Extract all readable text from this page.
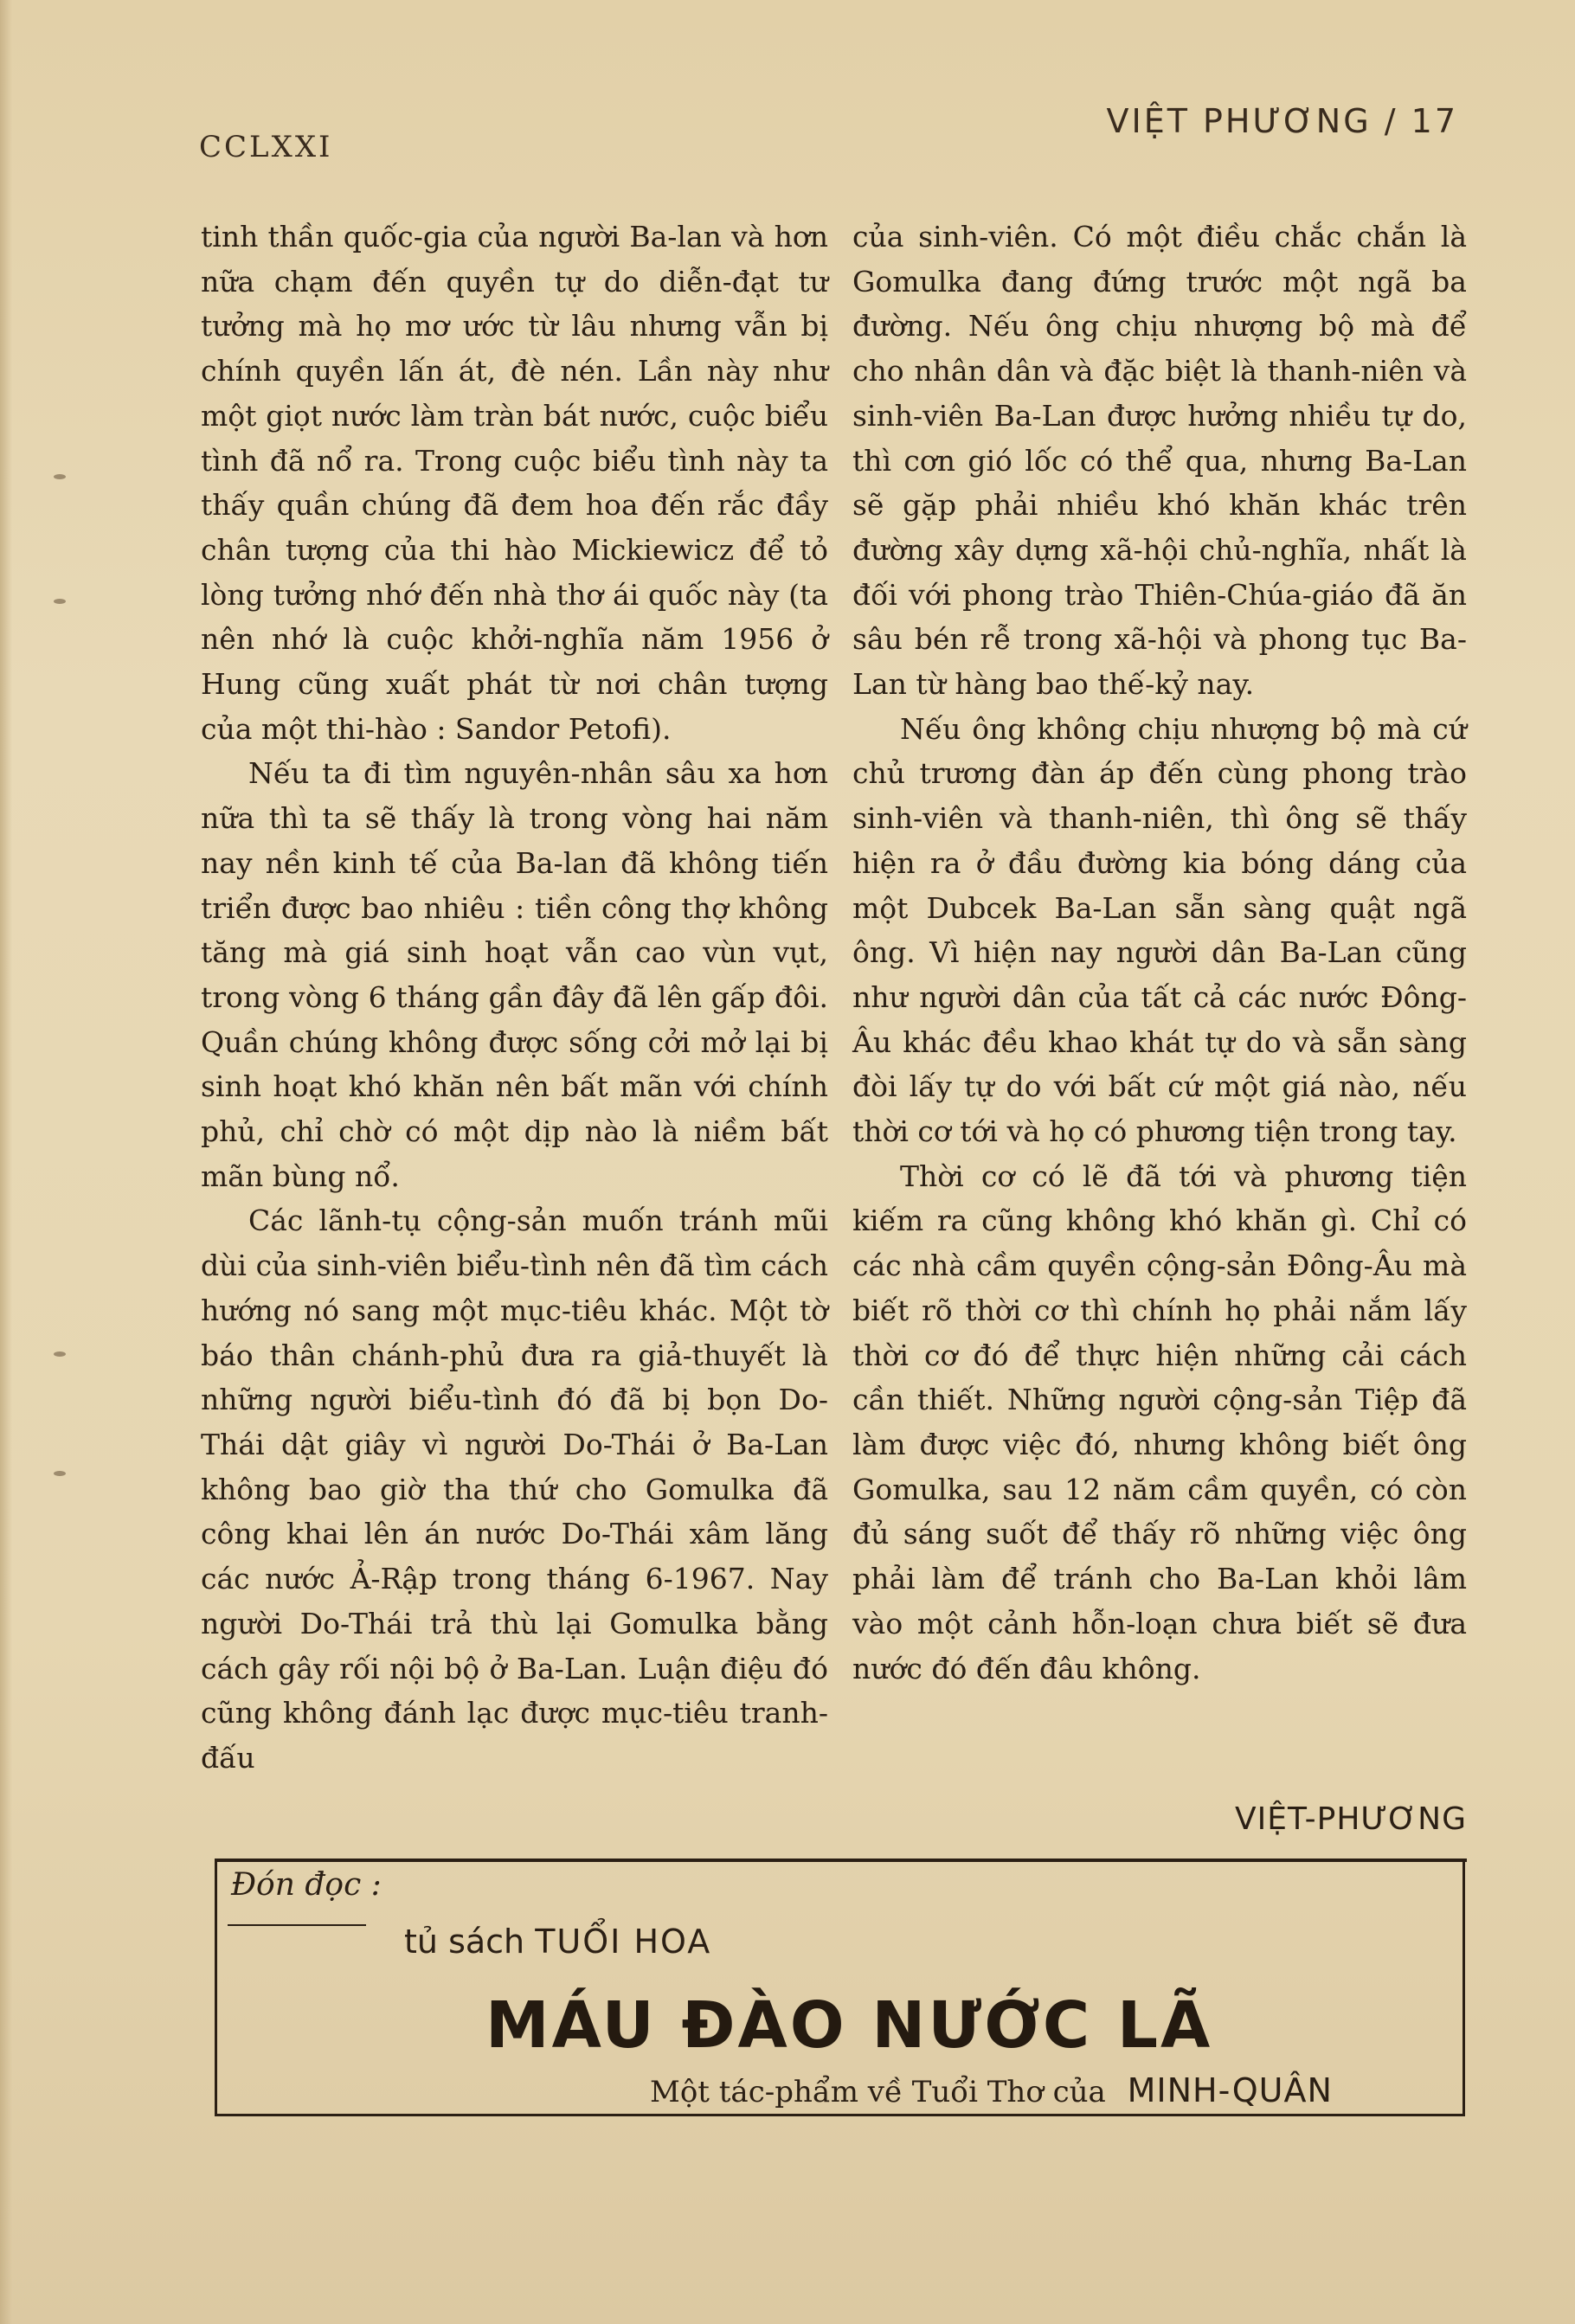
CCLXXI
VIỆT PHƯƠNG / 17

tinh thần quốc-gia của người Ba-lan và hơn nữa chạm đến quyền tự do diễn-đạt tư tưởng mà họ mơ ước từ lâu nhưng vẫn bị chính quyền lấn át, đè nén. Lần này như một giọt nước làm tràn bát nước, cuộc biểu tình đã nổ ra. Trong cuộc biểu tình này ta thấy quần chúng đã đem hoa đến rắc đầy chân tượng của thi hào Mickiewicz để tỏ lòng tưởng nhớ đến nhà thơ ái quốc này (ta nên nhớ là cuộc khởi-nghĩa năm 1956 ở Hung cũng xuất phát từ nơi chân tượng của một thi-hào : Sandor Petofi).

Nếu ta đi tìm nguyên-nhân sâu xa hơn nữa thì ta sẽ thấy là trong vòng hai năm nay nền kinh tế của Ba-lan đã không tiến triển được bao nhiêu : tiền công thợ không tăng mà giá sinh hoạt vẫn cao vùn vụt, trong vòng 6 tháng gần đây đã lên gấp đôi. Quần chúng không được sống cởi mở lại bị sinh hoạt khó khăn nên bất mãn với chính phủ, chỉ chờ có một dịp nào là niềm bất mãn bùng nổ.

Các lãnh-tụ cộng-sản muốn tránh mũi dùi của sinh-viên biểu-tình nên đã tìm cách hướng nó sang một mục-tiêu khác. Một tờ báo thân chánh-phủ đưa ra giả-thuyết là những người biểu-tình đó đã bị bọn Do-Thái dật giây vì người Do-Thái ở Ba-Lan không bao giờ tha thứ cho Gomulka đã công khai lên án nước Do-Thái xâm lăng các nước Ả-Rập trong tháng 6-1967. Nay người Do-Thái trả thù lại Gomulka bằng cách gây rối nội bộ ở Ba-Lan. Luận điệu đó cũng không đánh lạc được mục-tiêu tranh-đấu

của sinh-viên. Có một điều chắc chắn là Gomulka đang đứng trước một ngã ba đường. Nếu ông chịu nhượng bộ mà để cho nhân dân và đặc biệt là thanh-niên và sinh-viên Ba-Lan được hưởng nhiều tự do, thì cơn gió lốc có thể qua, nhưng Ba-Lan sẽ gặp phải nhiều khó khăn khác trên đường xây dựng xã-hội chủ-nghĩa, nhất là đối với phong trào Thiên-Chúa-giáo đã ăn sâu bén rễ trong xã-hội và phong tục Ba-Lan từ hàng bao thế-kỷ nay.

Nếu ông không chịu nhượng bộ mà cứ chủ trương đàn áp đến cùng phong trào sinh-viên và thanh-niên, thì ông sẽ thấy hiện ra ở đầu đường kia bóng dáng của một Dubcek Ba-Lan sẵn sàng quật ngã ông. Vì hiện nay người dân Ba-Lan cũng như người dân của tất cả các nước Đông-Âu khác đều khao khát tự do và sẵn sàng đòi lấy tự do với bất cứ một giá nào, nếu thời cơ tới và họ có phương tiện trong tay.

Thời cơ có lẽ đã tới và phương tiện kiếm ra cũng không khó khăn gì. Chỉ có các nhà cầm quyền cộng-sản Đông-Âu mà biết rõ thời cơ thì chính họ phải nắm lấy thời cơ đó để thực hiện những cải cách cần thiết. Những người cộng-sản Tiệp đã làm được việc đó, nhưng không biết ông Gomulka, sau 12 năm cầm quyền, có còn đủ sáng suốt để thấy rõ những việc ông phải làm để tránh cho Ba-Lan khỏi lâm vào một cảnh hỗn-loạn chưa biết sẽ đưa nước đó đến đâu không.

VIỆT-PHƯƠNG
Đón đọc :
tủ sách TUỔI HOA
MÁU ĐÀO NƯỚC LÃ
Một tác-phẩm về Tuổi Thơ của MINH-QUÂN
